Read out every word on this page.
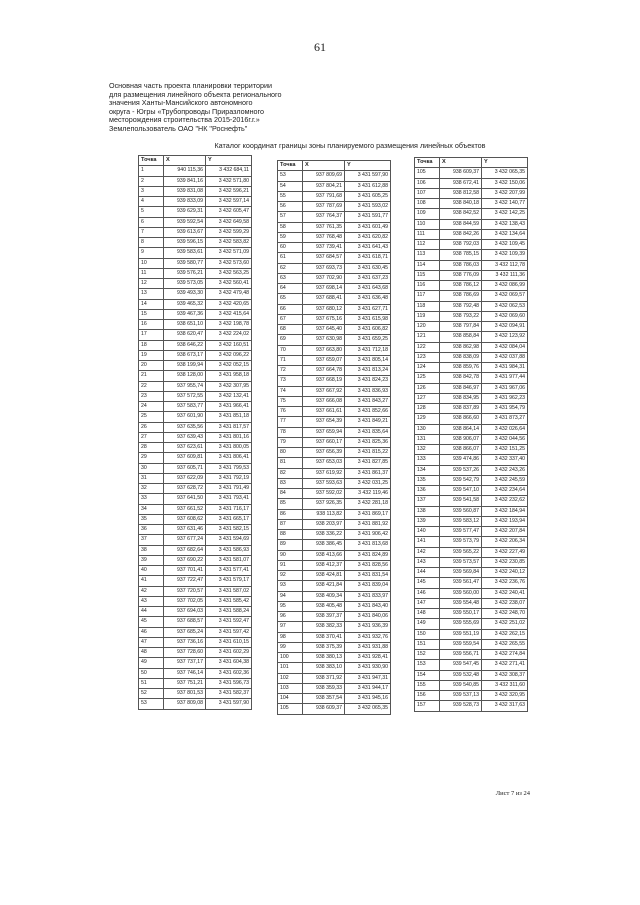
61
Основная часть проекта планировки территории
для размещения линейного объекта регионального
значения Ханты-Мансийского автономного
округа - Югры «Трубопроводы Приразломного
месторождения строительства 2015-2016г.г.»
Землепользователь ОАО "НК "Роснефть"
Каталог координат границы зоны планируемого размещения линейных объектов
Точка	X	Y
1	940 115,36	3 432 684,11
2	939 841,16	3 432 571,80
3	939 831,08	3 432 596,21
4	939 833,09	3 432 597,14
5	939 629,31	3 432 605,47
6	939 592,54	3 432 649,58
7	939 613,67	3 432 599,29
8	939 596,15	3 432 583,82
9	939 583,61	3 432 571,09
10	939 580,77	3 432 573,60
11	939 576,21	3 432 563,25
12	939 573,05	3 432 560,41
13	939 493,30	3 432 479,48
14	939 465,32	3 432 420,65
15	939 467,36	3 432 415,64
16	938 651,10	3 432 198,78
17	938 620,47	3 432 224,02
18	938 646,22	3 432 160,51
19	938 673,17	3 432 096,22
20	938 199,94	3 432 052,15
21	938 128,00	3 431 958,18
22	937 955,74	3 432 307,95
23	937 572,55	3 432 132,41
24	937 583,77	3 431 966,41
25	937 601,90	3 431 851,18
26	937 635,56	3 431 817,57
27	937 639,43	3 431 801,16
28	937 623,61	3 431 800,05
29	937 609,81	3 431 806,41
30	937 605,71	3 431 799,53
31	937 622,09	3 431 792,19
32	937 628,72	3 431 791,49
33	937 641,50	3 431 793,41
34	937 661,52	3 431 716,17
35	937 608,62	3 431 665,17
36	937 631,46	3 431 582,15
37	937 677,24	3 431 594,69
38	937 682,64	3 431 586,93
39	937 690,22	3 431 581,07
40	937 701,41	3 431 577,41
41	937 722,47	3 431 579,17
42	937 720,57	3 431 587,02
43	937 702,05	3 431 585,42
44	937 694,03	3 431 588,24
45	937 688,57	3 431 592,47
46	937 685,24	3 431 597,42
47	937 736,16	3 431 610,15
48	937 728,60	3 431 602,29
49	937 737,17	3 431 604,38
50	937 746,14	3 431 602,36
51	937 751,21	3 431 596,73
52	937 801,53	3 431 582,37
53	937 809,08	3 431 597,90
Точка	X	Y
53	937 809,69	3 431 597,90
54	937 804,21	3 431 612,88
55	937 791,68	3 431 605,25
56	937 787,69	3 431 593,02
57	937 764,37	3 431 591,77
58	937 761,35	3 431 601,49
59	937 768,48	3 431 620,82
60	937 739,41	3 431 641,43
61	937 684,57	3 431 618,71
62	937 693,73	3 431 630,45
63	937 702,90	3 431 637,23
64	937 698,14	3 431 643,68
65	937 688,41	3 431 636,48
66	937 680,12	3 431 627,71
67	937 675,16	3 431 615,98
68	937 645,40	3 431 606,82
69	937 630,98	3 431 659,25
70	937 663,80	3 431 712,18
71	937 659,07	3 431 805,14
72	937 664,78	3 431 813,24
73	937 668,19	3 431 824,23
74	937 667,92	3 431 836,93
75	937 666,08	3 431 843,27
76	937 661,61	3 431 852,66
77	937 654,39	3 431 849,21
78	937 659,94	3 431 835,64
79	937 660,17	3 431 825,36
80	937 656,39	3 431 815,22
81	937 653,03	3 431 827,85
82	937 619,92	3 431 861,37
83	937 593,63	3 432 031,25
84	937 592,02	3 432 119,46
85	937 926,35	3 432 281,18
86	938 113,82	3 431 869,17
87	938 203,97	3 431 881,92
88	938 336,22	3 431 906,42
89	938 386,45	3 431 813,68
90	938 413,66	3 431 824,89
91	938 412,37	3 431 828,56
92	938 424,81	3 431 831,54
93	938 421,84	3 431 839,04
94	938 409,34	3 431 833,97
95	938 405,48	3 431 843,40
96	938 397,37	3 431 840,06
97	938 382,33	3 431 936,39
98	938 370,41	3 431 932,76
99	938 375,39	3 431 931,88
100	938 380,13	3 431 928,41
101	938 383,10	3 431 930,90
102	938 371,92	3 431 947,31
103	938 359,33	3 431 944,17
104	938 357,54	3 431 945,16
105	938 609,37	3 432 065,35
Точка	X	Y
105	938 609,37	3 432 065,35
106	938 672,41	3 432 150,06
107	938 812,58	3 432 207,99
108	938 840,18	3 432 140,77
109	938 842,52	3 432 142,25
110	938 844,59	3 432 138,43
111	938 842,26	3 432 134,64
112	938 792,03	3 432 109,45
113	938 785,15	3 432 109,39
114	938 786,03	3 432 112,78
115	938 776,09	3 432 111,36
116	938 786,12	3 432 086,99
117	938 786,69	3 432 069,57
118	938 792,48	3 432 062,53
119	938 793,22	3 432 069,60
120	938 797,84	3 432 094,91
121	938 858,84	3 432 123,92
122	938 862,98	3 432 084,04
123	938 838,09	3 432 037,88
124	938 859,76	3 431 984,31
125	938 842,78	3 431 977,44
126	938 846,97	3 431 967,06
127	938 834,95	3 431 962,23
128	938 837,89	3 431 954,79
129	938 866,60	3 431 873,27
130	938 864,14	3 432 026,64
131	938 906,07	3 432 044,56
132	938 866,07	3 432 151,25
133	939 474,86	3 432 337,40
134	939 537,26	3 432 243,26
135	939 542,79	3 432 245,59
136	939 547,10	3 432 234,64
137	939 541,58	3 432 232,62
138	939 560,87	3 432 184,94
139	939 583,12	3 432 193,94
140	939 577,47	3 432 207,84
141	939 573,79	3 432 206,34
142	939 565,22	3 432 227,49
143	939 573,57	3 432 230,85
144	939 569,84	3 432 240,12
145	939 561,47	3 432 236,76
146	939 560,00	3 432 240,41
147	939 554,48	3 432 238,07
148	939 550,17	3 432 248,70
149	939 555,69	3 432 251,02
150	939 551,19	3 432 262,15
151	939 559,54	3 432 265,55
152	939 556,71	3 432 274,84
153	939 547,45	3 432 271,41
154	939 532,48	3 432 308,37
155	939 540,85	3 432 311,60
156	939 537,13	3 432 320,95
157	939 528,73	3 432 317,63
Лист 7 из 24
